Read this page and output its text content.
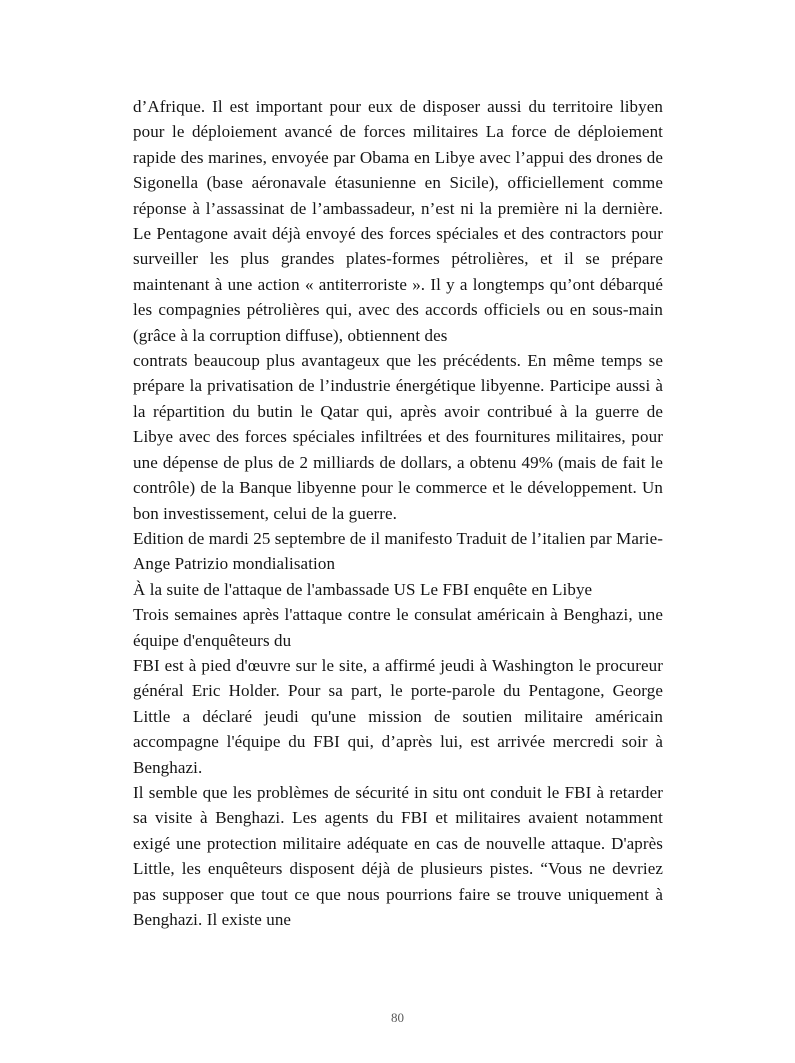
d’Afrique. Il est important pour eux de disposer aussi du territoire libyen pour le déploiement avancé de forces militaires La force de déploiement rapide des marines, envoyée par Obama en Libye avec l’appui des drones de Sigonella (base aéronavale étasunienne en Sicile), officiellement comme réponse à l’assassinat de l’ambassadeur, n’est ni la première ni la dernière. Le Pentagone avait déjà envoyé des forces spéciales et des contractors pour surveiller les plus grandes plates-formes pétrolières, et il se prépare maintenant à une action « antiterroriste ». Il y a longtemps qu’ont débarqué les compagnies pétrolières qui, avec des accords officiels ou en sous-main (grâce à la corruption diffuse), obtiennent des

contrats beaucoup plus avantageux que les précédents. En même temps se prépare la privatisation de l’industrie énergétique libyenne. Participe aussi à la répartition du butin le Qatar qui, après avoir contribué à la guerre de Libye avec des forces spéciales infiltrées et des fournitures militaires, pour une dépense de plus de 2 milliards de dollars, a obtenu 49% (mais de fait le contrôle) de la Banque libyenne pour le commerce et le développement. Un bon investissement, celui de la guerre.

Edition de mardi 25 septembre de il manifesto Traduit de l’italien par Marie-Ange Patrizio mondialisation

À la suite de l'attaque de l'ambassade US Le FBI enquête en Libye

Trois semaines après l'attaque contre le consulat américain à Benghazi, une équipe d'enquêteurs du

FBI est à pied d'œuvre sur le site, a affirmé jeudi à Washington le procureur général Eric Holder. Pour sa part, le porte-parole du Pentagone, George Little a déclaré jeudi qu'une mission de soutien militaire américain accompagne l'équipe du FBI qui, d’après lui, est arrivée mercredi soir à Benghazi.

Il semble que les problèmes de sécurité in situ ont conduit le FBI à retarder sa visite à Benghazi. Les agents du FBI et militaires avaient notamment exigé une protection militaire adéquate en cas de nouvelle attaque. D'après Little, les enquêteurs disposent déjà de plusieurs pistes. “Vous ne devriez pas supposer que tout ce que nous pourrions faire se trouve uniquement à Benghazi. Il existe une

80
